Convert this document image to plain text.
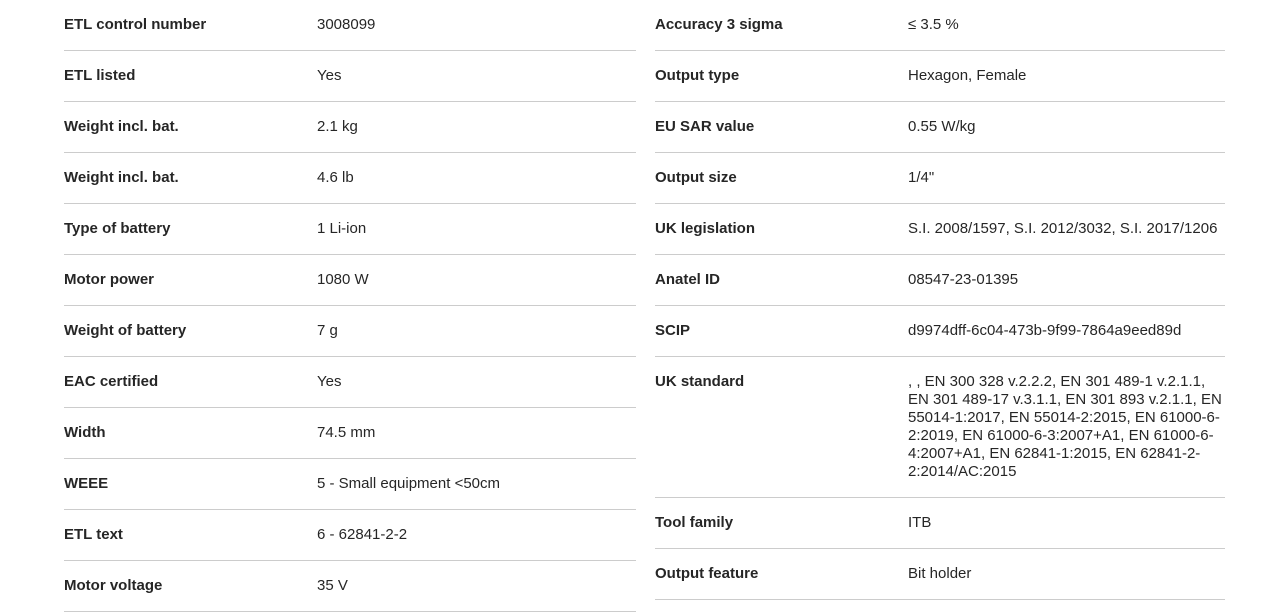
ETL control number	3008099
ETL listed	Yes
Weight incl. bat.	2.1 kg
Weight incl. bat.	4.6 lb
Type of battery	1 Li-ion
Motor power	1080 W
Weight of battery	7 g
EAC certified	Yes
Width	74.5 mm
WEEE	5 - Small equipment <50cm
ETL text	6 - 62841-2-2
Motor voltage	35 V
Accuracy 3 sigma	≤ 3.5 %
Output type	Hexagon, Female
EU SAR value	0.55 W/kg
Output size	1/4"
UK legislation	S.I. 2008/1597, S.I. 2012/3032, S.I. 2017/1206
Anatel ID	08547-23-01395
SCIP	d9974dff-6c04-473b-9f99-7864a9eed89d
UK standard	, , EN 300 328 v.2.2.2, EN 301 489-1 v.2.1.1, EN 301 489-17 v.3.1.1, EN 301 893 v.2.1.1, EN 55014-1:2017, EN 55014-2:2015, EN 61000-6-2:2019, EN 61000-6-3:2007+A1, EN 61000-6-4:2007+A1, EN 62841-1:2015, EN 62841-2-2:2014/AC:2015
Tool family	ITB
Output feature	Bit holder
